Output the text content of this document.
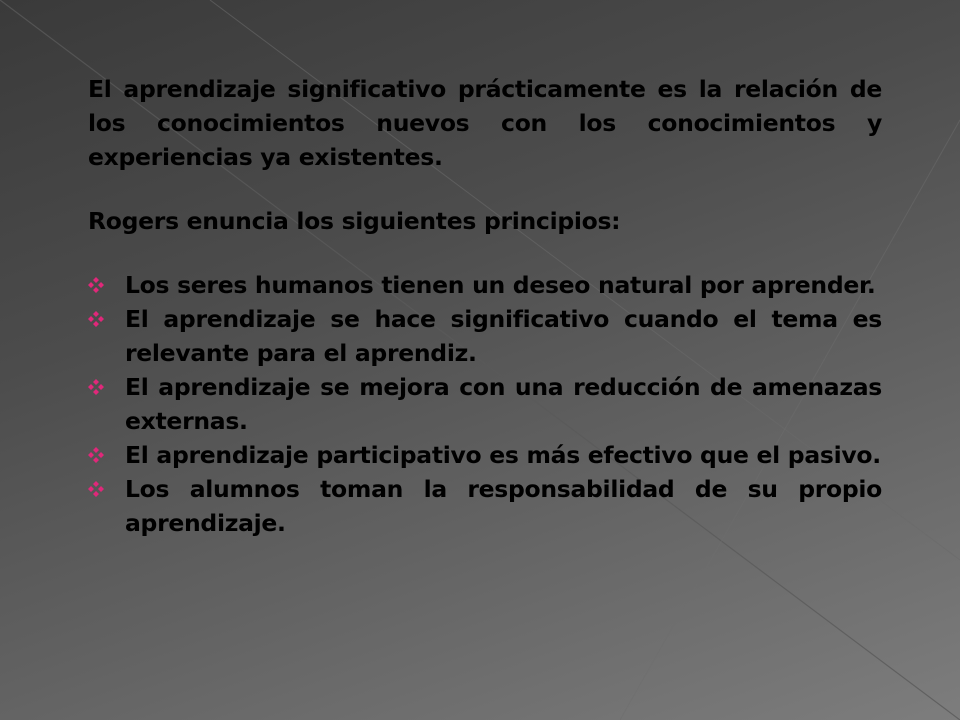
El aprendizaje significativo prácticamente es la relación de los conocimientos nuevos con los conocimientos y experiencias ya existentes.

Rogers enuncia los siguientes principios:

Los seres humanos tienen un deseo natural por aprender.
El aprendizaje se hace significativo cuando el tema es relevante para el aprendiz.
El aprendizaje se mejora con una reducción de amenazas externas.
El aprendizaje participativo es más efectivo que el pasivo.
Los alumnos toman la responsabilidad de su propio aprendizaje.
